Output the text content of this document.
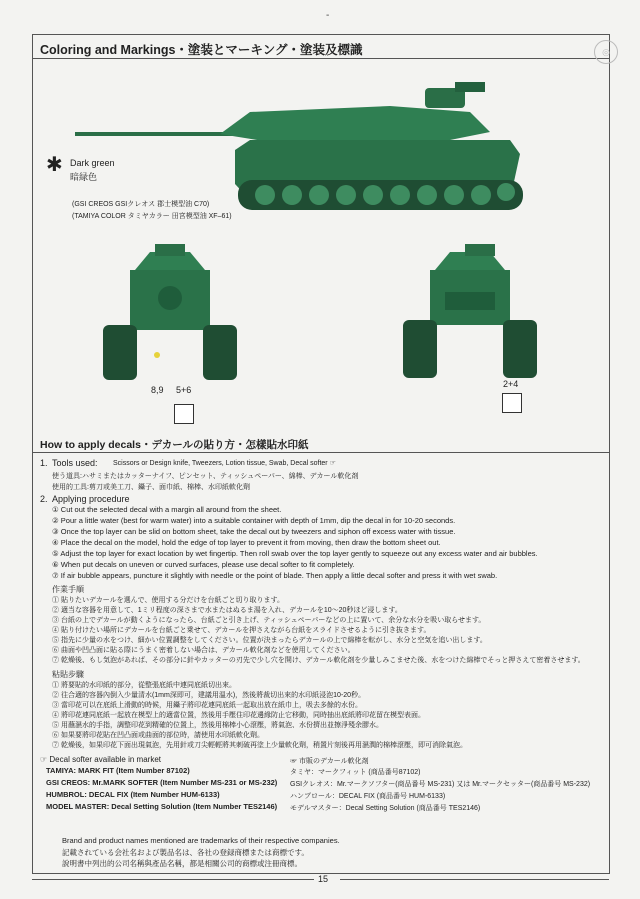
-
Coloring and Markings・塗装とマーキング・塗装及標識	◎
✱ Dark green
暗緑色
(GSI CREOS GSIクレオス 郡士模型油 C70)
(TAMIYA COLOR タミヤカラー 田宮模型油 XF–61)
8,9 5+6
2+4
How to apply decals・デカールの貼り方・怎樣貼水印紙
1. Tools used: Scissors or Design knife, Tweezers, Lotion tissue, Swab, Decal softer ☞
使う道具:ハサミまたはカッターナイフ、ピンセット、ティッシュペーパー、綿棒、デカール軟化剤
使用的工具:剪刀或美工刀、鑷子、面巾紙、棉棒、水印紙軟化劑
2. Applying procedure
① Cut out the selected decal with a margin all around from the sheet.
② Pour a little water (best for warm water) into a suitable container with depth of 1mm, dip the decal in for 10-20 seconds.
③ Once the top layer can be slid on bottom sheet, take the decal out by tweezers and siphon off excess water with tissue.
④ Place the decal on the model, hold the edge of top layer to prevent it from moving, then draw the bottom sheet out.
⑤ Adjust the top layer for exact location by wet fingertip. Then roll swab over the top layer gently to squeeze out any excess water and air bubbles.
⑥ When put decals on uneven or curved surfaces, please use decal softer to fit completely.
⑦ If air bubble appears, puncture it slightly with needle or the point of blade. Then apply a little decal softer and press it with wet swab.
作業手順
① 貼りたいデカールを選んで、使用する分だけを台紙ごと切り取ります。
② 適当な容器を用意して、1ミリ程度の深さまで水またはぬるま湯を入れ、デカールを10〜20秒ほど浸します。
③ 台紙の上でデカールが動くようになったら、台紙ごと引き上げ、ティッシュペーパーなどの上に置いて、余分な水分を吸い取らせます。
④ 貼り付けたい場所にデカールを台紙ごと乗せて、デカールを押さえながら台紙をスライドさせるように引き抜きます。
⑤ 指先に少量の水をつけ、細かい位置調整をしてください。位置が決まったらデカールの上で綿棒を転がし、水分と空気を追い出します。
⑥ 曲面や凹凸面に貼る際にうまく密着しない場合は、デカール軟化剤などを使用してください。
⑦ 乾燥後、もし気泡があれば、その部分に針やカッターの刃先で少し穴を開け、デカール軟化剤を少量しみこませた後、水をつけた綿棒でそっと押さえて密着させます。
粘貼步驟
① 將要貼的水印紙的部分，從整張底紙中連同底紙切出來。
② 往合適的容器內倒入少量清水(1mm深即可，建議用溫水)，然後將裁切出來的水印紙浸泡10-20秒。
③ 當印花可以在底紙上滑動的時候，用鑷子將印花連同底紙一起取出放在紙巾上，吸去多餘的水份。
④ 將印花連同底紙一起放在模型上的適當位置，然後用手壓住印花邊緣防止它移動，同時抽出底紙將印花留在模型表面。
⑤ 用蘸濕水的手指，調整印花到精確的位置上，然後用棉棒小心滾壓，將氣泡、水份擠出並擦淨殘余膠水。
⑥ 如果要將印花貼在凹凸面或曲面的部位時，請使用水印紙軟化劑。
⑦ 乾燥後，如果印花下面出現氣泡，先用針或刀尖輕輕將其刺破再塗上少量軟化劑，稍置片刻後再用濕潤的棉棒滾壓，即可消除氣泡。
☞ Decal softer available in market
TAMIYA: MARK FIT (Item Number 87102)
GSI CREOS: Mr.MARK SOFTER (Item Number MS-231 or MS-232)
HUMBROL: DECAL FIX (Item Number HUM-6133)
MODEL MASTER: Decal Setting Solution (Item Number TES2146)
☞ 市販のデカール軟化剤
タミヤ：マークフィット (商品番号87102)
GSIクレオス：Mr.マークソフター(商品番号 MS-231) 又は Mr.マークセッター(商品番号 MS-232)
ハンブロール：DECAL FIX (商品番号 HUM-6133)
モデルマスター：Decal Setting Solution (商品番号 TES2146)
Brand and product names mentioned are trademarks of their respective companies.
記載されている会社名および製品名は、各社の登録商標または商標です。
說明書中列出的公司名稱與產品名稱，都是相關公司的商標或注冊商標。
15
